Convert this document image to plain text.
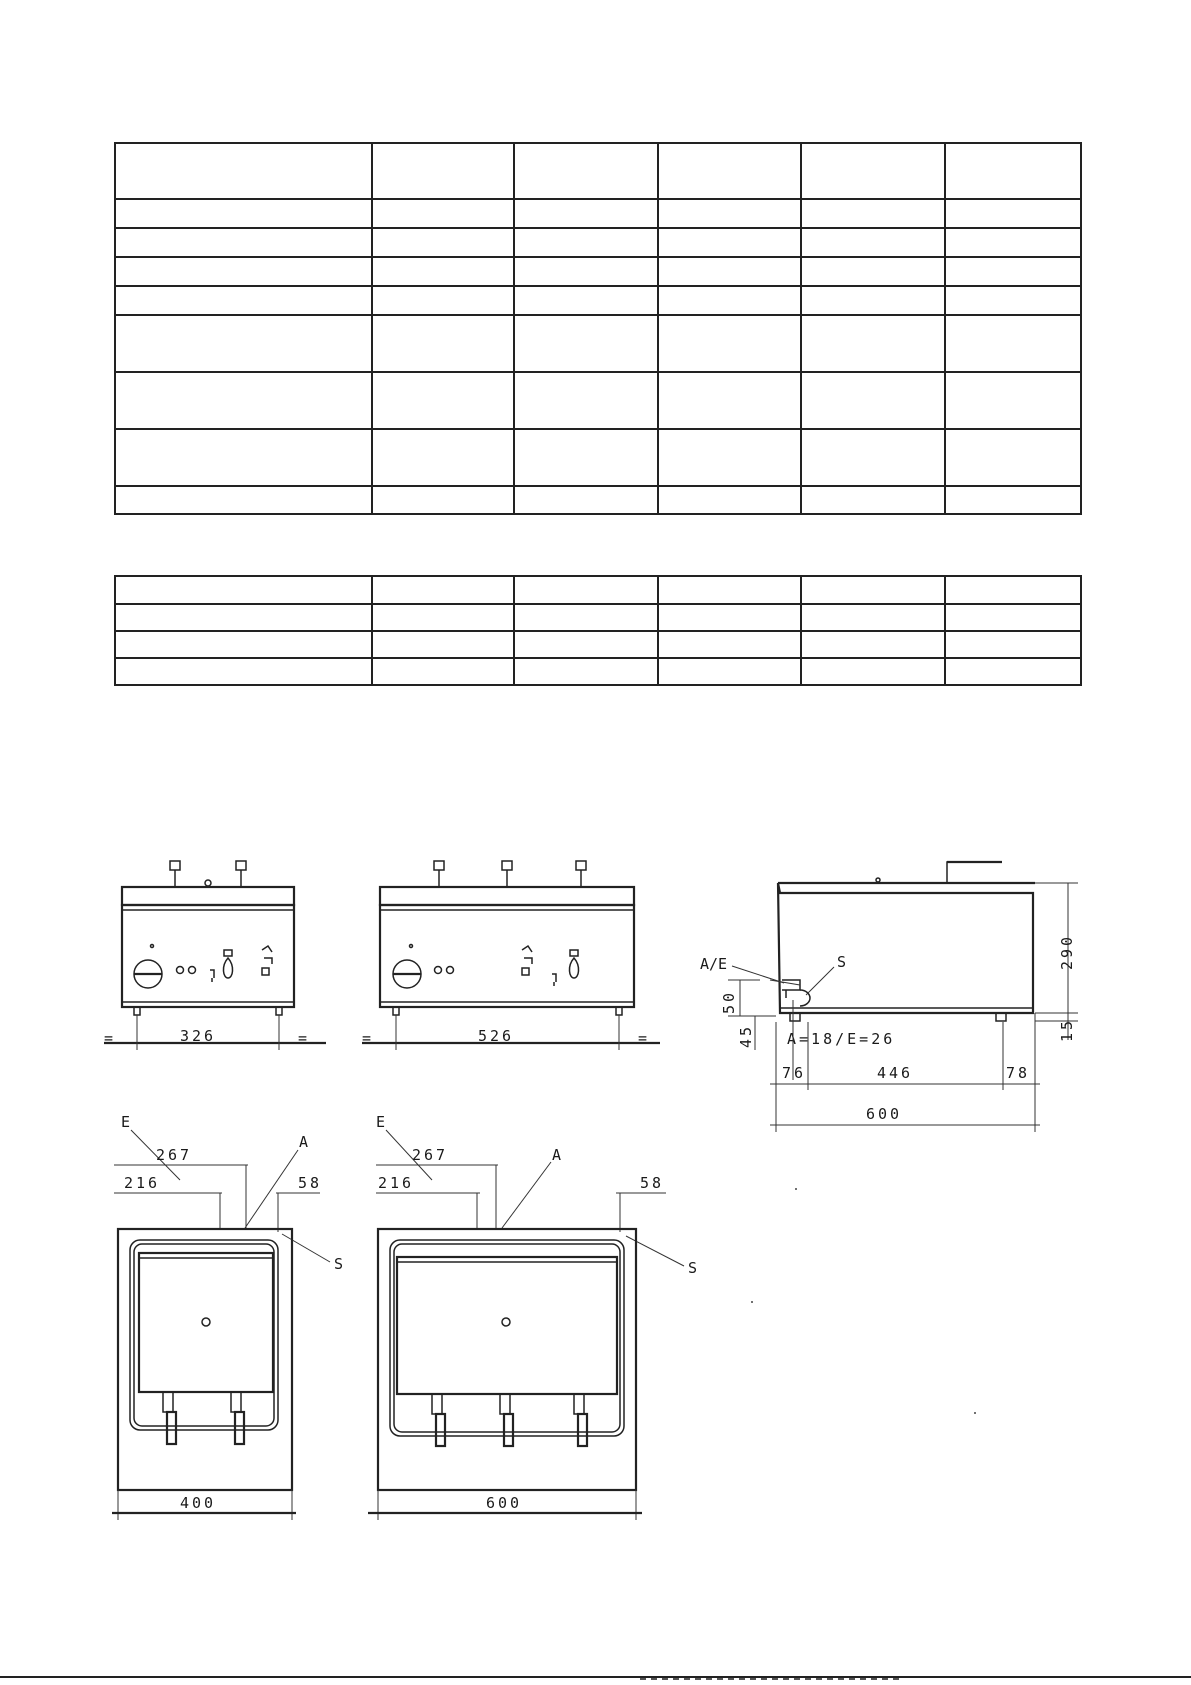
=	=
326	=	=
526
A/E	S	290
15
50
45 A=18/E=26
76	446	78
600
E
267
216
A
58
S
400
E
267
216
A
58
S
600
